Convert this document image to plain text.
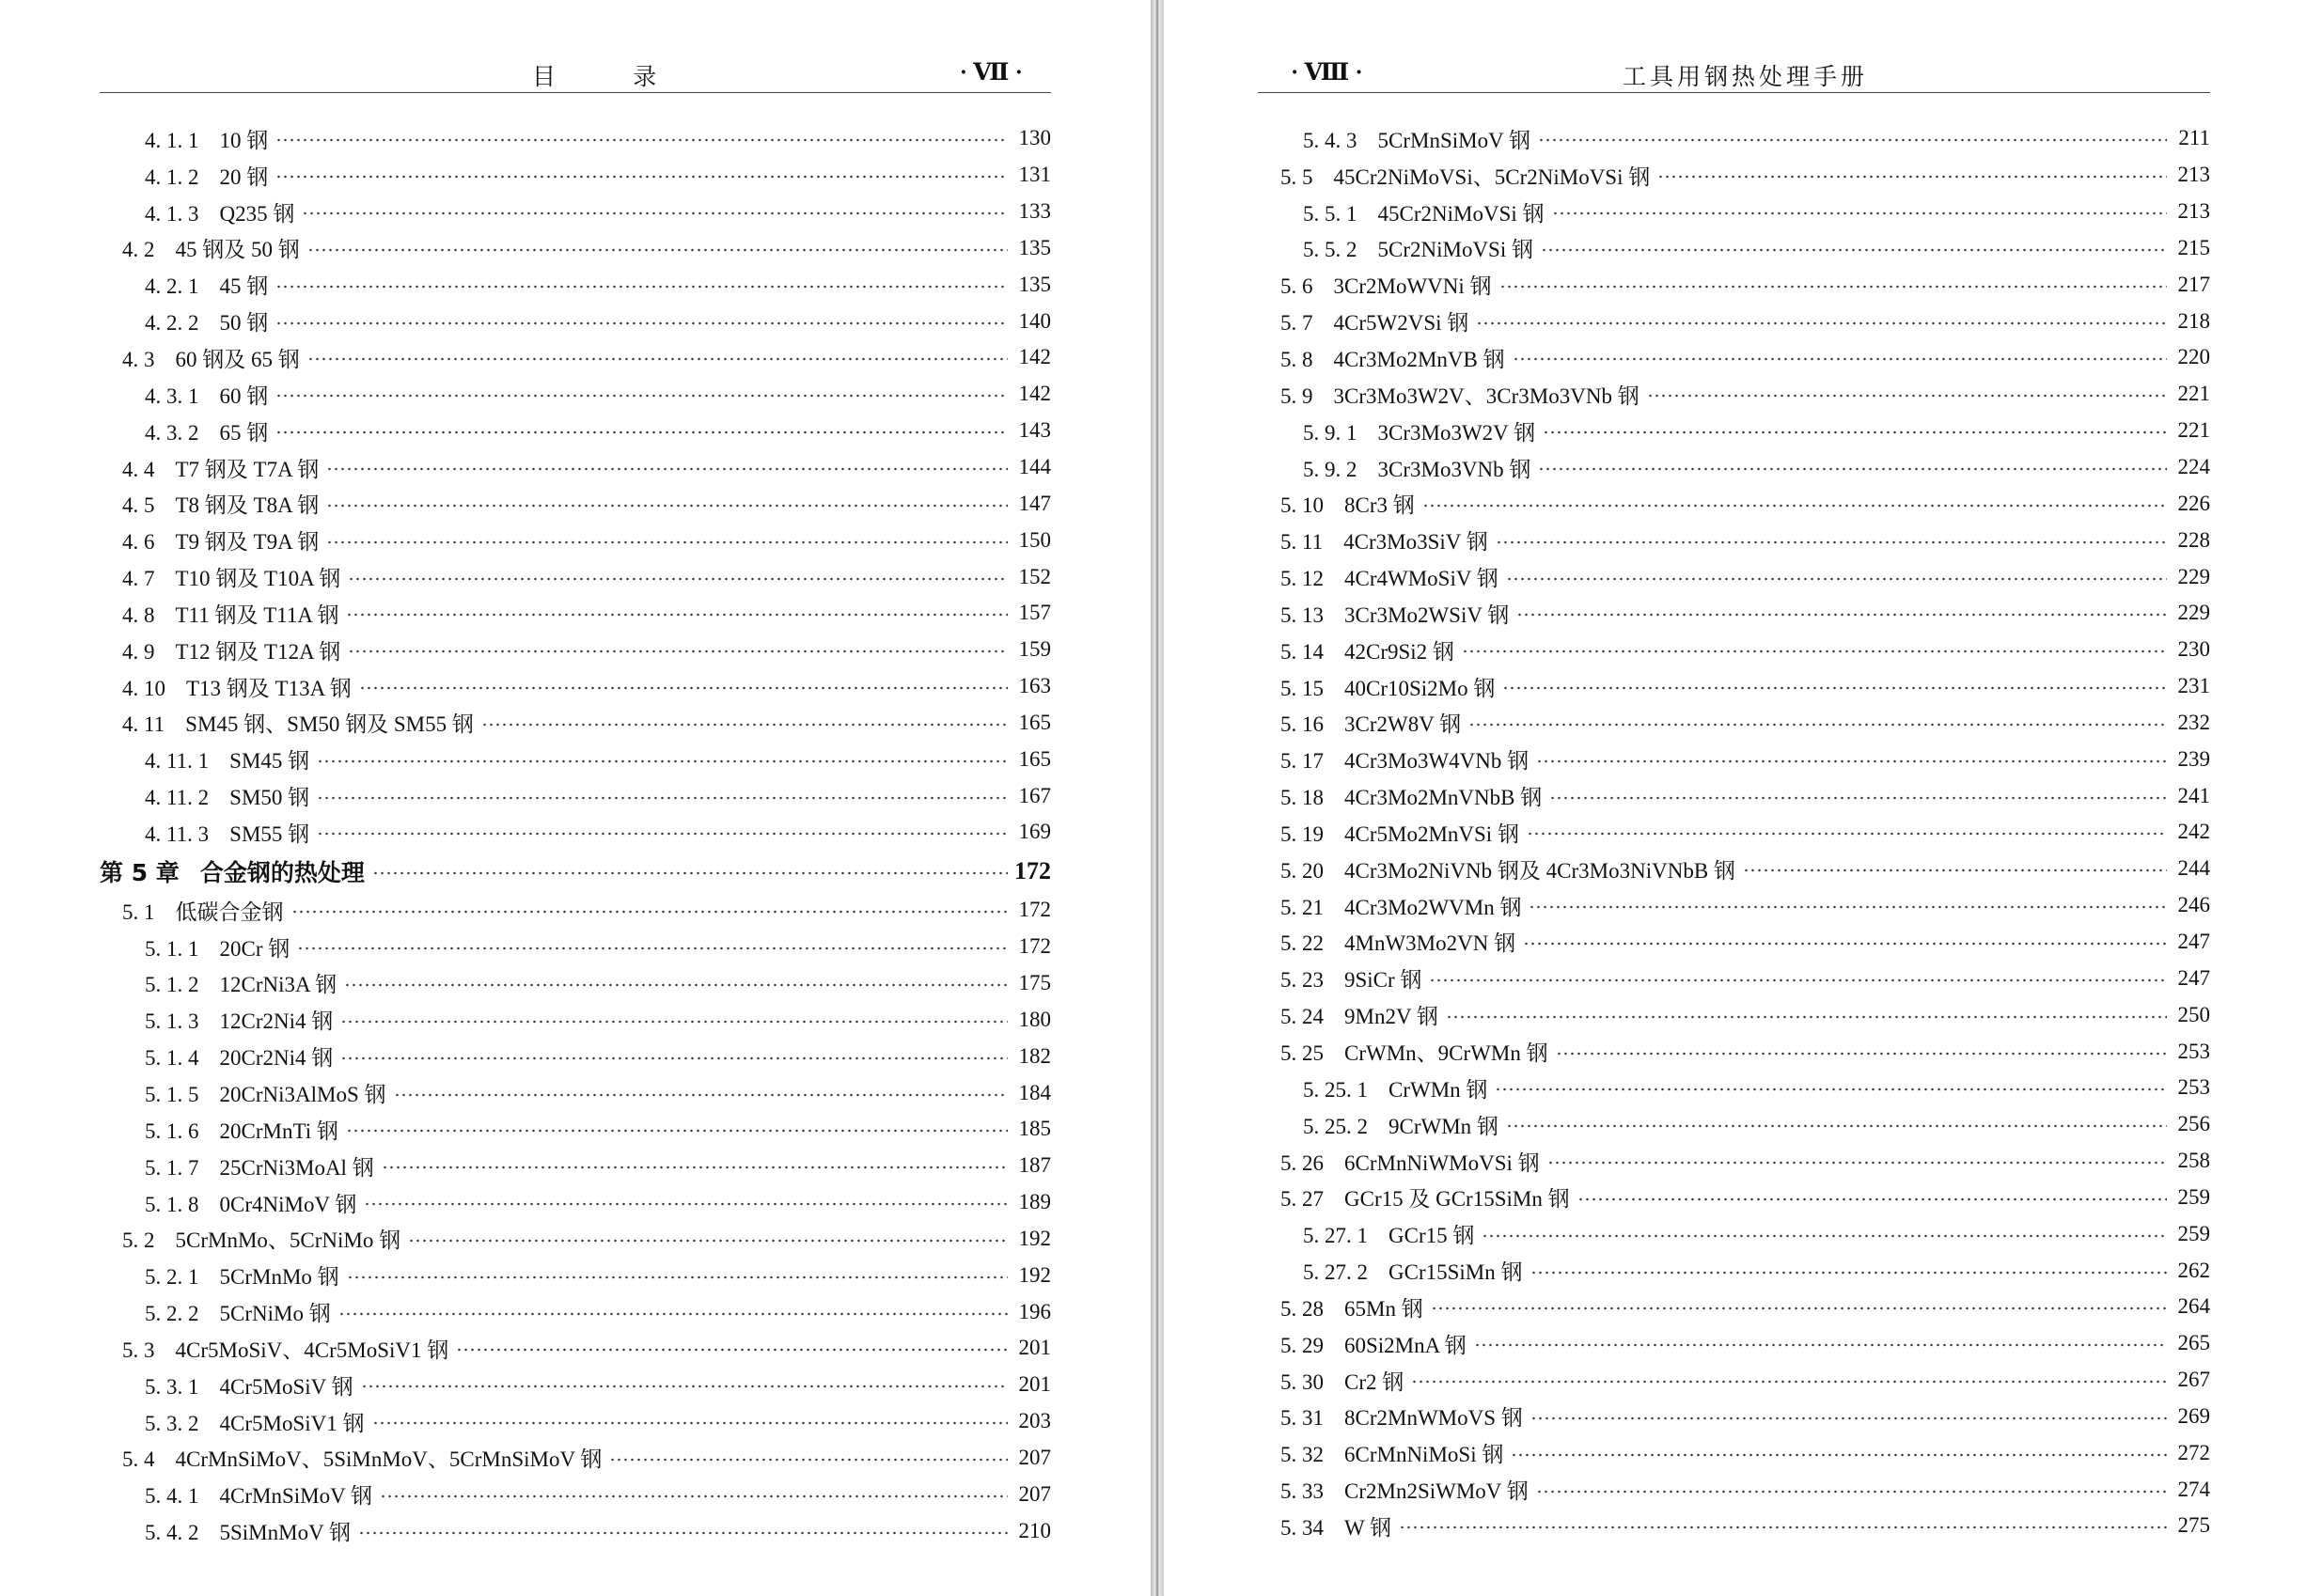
目 录	· Ⅶ ·
4. 1. 1 10 钢	130
4. 1. 2 20 钢	131
4. 1. 3 Q235 钢	133
4. 2 45 钢及 50 钢	135
4. 2. 1 45 钢	135
4. 2. 2 50 钢	140
4. 3 60 钢及 65 钢	142
4. 3. 1 60 钢	142
4. 3. 2 65 钢	143
4. 4 T7 钢及 T7A 钢	144
4. 5 T8 钢及 T8A 钢	147
4. 6 T9 钢及 T9A 钢	150
4. 7 T10 钢及 T10A 钢	152
4. 8 T11 钢及 T11A 钢	157
4. 9 T12 钢及 T12A 钢	159
4. 10 T13 钢及 T13A 钢	163
4. 11 SM45 钢、SM50 钢及 SM55 钢	165
4. 11. 1 SM45 钢	165
4. 11. 2 SM50 钢	167
4. 11. 3 SM55 钢	169
第 5 章 合金钢的热处理	172
5. 1 低碳合金钢	172
5. 1. 1 20Cr 钢	172
5. 1. 2 12CrNi3A 钢	175
5. 1. 3 12Cr2Ni4 钢	180
5. 1. 4 20Cr2Ni4 钢	182
5. 1. 5 20CrNi3AlMoS 钢	184
5. 1. 6 20CrMnTi 钢	185
5. 1. 7 25CrNi3MoAl 钢	187
5. 1. 8 0Cr4NiMoV 钢	189
5. 2 5CrMnMo、5CrNiMo 钢	192
5. 2. 1 5CrMnMo 钢	192
5. 2. 2 5CrNiMo 钢	196
5. 3 4Cr5MoSiV、4Cr5MoSiV1 钢	201
5. 3. 1 4Cr5MoSiV 钢	201
5. 3. 2 4Cr5MoSiV1 钢	203
5. 4 4CrMnSiMoV、5SiMnMoV、5CrMnSiMoV 钢	207
5. 4. 1 4CrMnSiMoV 钢	207
5. 4. 2 5SiMnMoV 钢	210
· Ⅷ ·	工具用钢热处理手册
5. 4. 3 5CrMnSiMoV 钢	211
5. 5 45Cr2NiMoVSi、5Cr2NiMoVSi 钢	213
5. 5. 1 45Cr2NiMoVSi 钢	213
5. 5. 2 5Cr2NiMoVSi 钢	215
5. 6 3Cr2MoWVNi 钢	217
5. 7 4Cr5W2VSi 钢	218
5. 8 4Cr3Mo2MnVB 钢	220
5. 9 3Cr3Mo3W2V、3Cr3Mo3VNb 钢	221
5. 9. 1 3Cr3Mo3W2V 钢	221
5. 9. 2 3Cr3Mo3VNb 钢	224
5. 10 8Cr3 钢	226
5. 11 4Cr3Mo3SiV 钢	228
5. 12 4Cr4WMoSiV 钢	229
5. 13 3Cr3Mo2WSiV 钢	229
5. 14 42Cr9Si2 钢	230
5. 15 40Cr10Si2Mo 钢	231
5. 16 3Cr2W8V 钢	232
5. 17 4Cr3Mo3W4VNb 钢	239
5. 18 4Cr3Mo2MnVNbB 钢	241
5. 19 4Cr5Mo2MnVSi 钢	242
5. 20 4Cr3Mo2NiVNb 钢及 4Cr3Mo3NiVNbB 钢	244
5. 21 4Cr3Mo2WVMn 钢	246
5. 22 4MnW3Mo2VN 钢	247
5. 23 9SiCr 钢	247
5. 24 9Mn2V 钢	250
5. 25 CrWMn、9CrWMn 钢	253
5. 25. 1 CrWMn 钢	253
5. 25. 2 9CrWMn 钢	256
5. 26 6CrMnNiWMoVSi 钢	258
5. 27 GCr15 及 GCr15SiMn 钢	259
5. 27. 1 GCr15 钢	259
5. 27. 2 GCr15SiMn 钢	262
5. 28 65Mn 钢	264
5. 29 60Si2MnA 钢	265
5. 30 Cr2 钢	267
5. 31 8Cr2MnWMoVS 钢	269
5. 32 6CrMnNiMoSi 钢	272
5. 33 Cr2Mn2SiWMoV 钢	274
5. 34 W 钢	275
